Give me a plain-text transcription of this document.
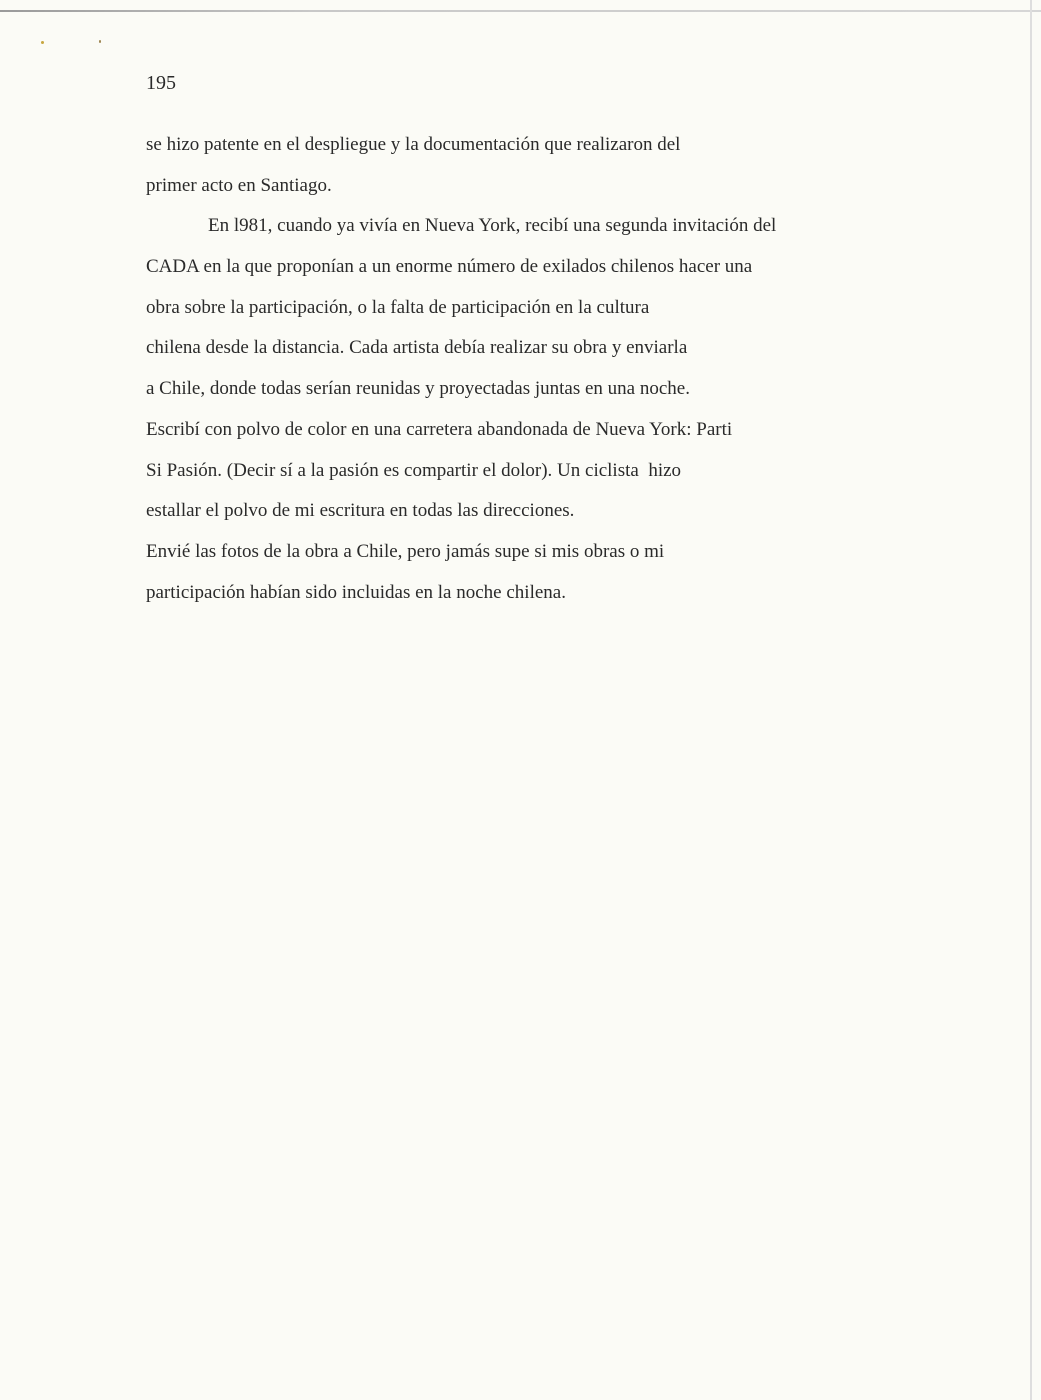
195
se hizo patente en el despliegue y la documentación que realizaron del
primer acto en Santiago.
En l981, cuando ya vivía en Nueva York, recibí una segunda invitación del
CADA en la que proponían a un enorme número de exilados chilenos hacer una
obra sobre la participación, o la falta de participación en la cultura
chilena desde la distancia. Cada artista debía realizar su obra y enviarla
a Chile, donde todas serían reunidas y proyectadas juntas en una noche.
Escribí con polvo de color en una carretera abandonada de Nueva York: Parti
Si Pasión. (Decir sí a la pasión es compartir el dolor). Un ciclista  hizo
estallar el polvo de mi escritura en todas las direcciones.
Envié las fotos de la obra a Chile, pero jamás supe si mis obras o mi
participación habían sido incluidas en la noche chilena.
